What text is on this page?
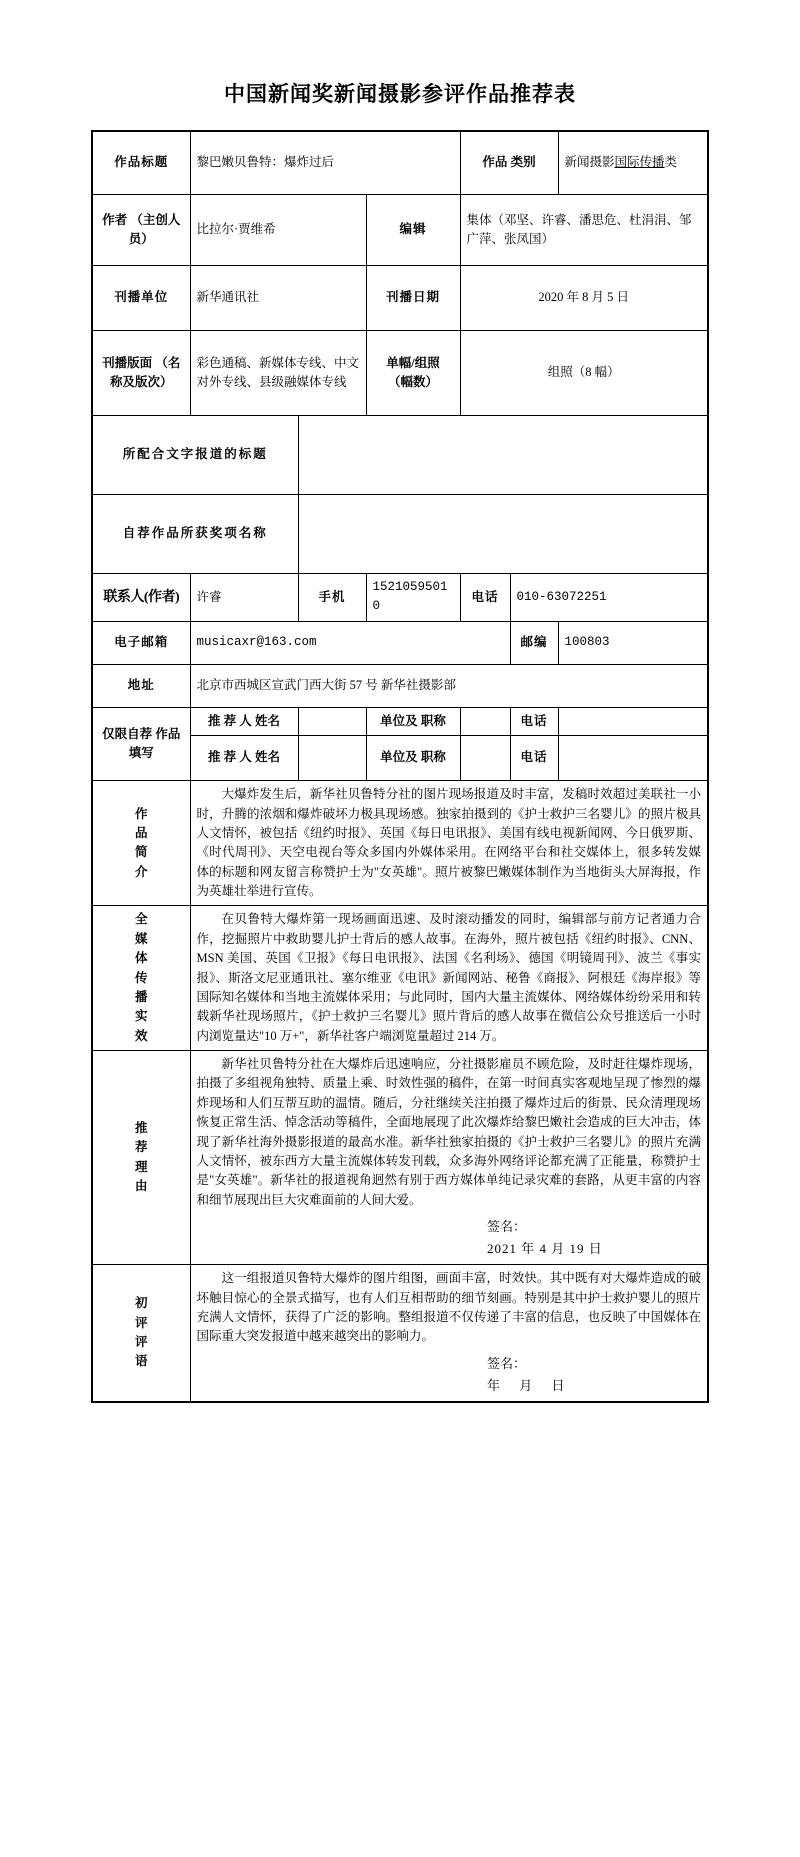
中国新闻奖新闻摄影参评作品推荐表
作品标题	黎巴嫩贝鲁特：爆炸过后			作品 类别		新闻摄影国际传播类
作者 （主创人员）	比拉尔·贾维希		编辑	集体（邓坚、许睿、潘思危、杜涓涓、邹广萍、张凤国）		
刊播单位	新华通讯社		刊播日期	2020 年 8 月 5 日		
刊播版面 （名称及版次）	彩色通稿、新媒体专线、中文对外专线、县级融媒体专线		单幅/组照 （幅数）	组照（8 幅）		
所配合文字报道的标题						
自荐作品所获奖项名称						
联系人(作者)	许睿	手机	15210595010	电话	010-63072251	
电子邮箱	musicaxr@163.com				邮编	100803
地址	北京市西城区宣武门西大街 57 号 新华社摄影部					
仅限自荐 作品填写	推 荐 人 姓名		单位及 职称		电话	
	推 荐 人 姓名		单位及 职称		电话	

作
品
简
介

大爆炸发生后，新华社贝鲁特分社的图片现场报道及时丰富，发稿时效超过美联社一小时，升腾的浓烟和爆炸破坏力极具现场感。独家拍摄到的《护士救护三名婴儿》的照片极具人文情怀，被包括《纽约时报》、英国《每日电讯报》、美国有线电视新闻网、今日俄罗斯、《时代周刊》、天空电视台等众多国内外媒体采用。在网络平台和社交媒体上，很多转发媒体的标题和网友留言称赞护士为"女英雄"。照片被黎巴嫩媒体制作为当地街头大屏海报，作为英雄壮举进行宣传。

全
媒
体
传
播
实
效

在贝鲁特大爆炸第一现场画面迅速、及时滚动播发的同时，编辑部与前方记者通力合作，挖掘照片中救助婴儿护士背后的感人故事。在海外，照片被包括《纽约时报》、CNN、MSN 美国、英国《卫报》《每日电讯报》、法国《名利场》、德国《明镜周刊》、波兰《事实报》、斯洛文尼亚通讯社、塞尔维亚《电讯》新闻网站、秘鲁《商报》、阿根廷《海岸报》等国际知名媒体和当地主流媒体采用；与此同时，国内大量主流媒体、网络媒体纷纷采用和转载新华社现场照片，《护士救护三名婴儿》照片背后的感人故事在微信公众号推送后一小时内浏览量达"10 万+"，新华社客户端浏览量超过 214 万。

推
荐
理
由

新华社贝鲁特分社在大爆炸后迅速响应，分社摄影雇员不顾危险，及时赶往爆炸现场，拍摄了多组视角独特、质量上乘、时效性强的稿件，在第一时间真实客观地呈现了惨烈的爆炸现场和人们互帮互助的温情。随后，分社继续关注拍摄了爆炸过后的街景、民众清理现场恢复正常生活、悼念活动等稿件，全面地展现了此次爆炸给黎巴嫩社会造成的巨大冲击，体现了新华社海外摄影报道的最高水准。新华社独家拍摄的《护士救护三名婴儿》的照片充满人文情怀，被东西方大量主流媒体转发刊载，众多海外网络评论都充满了正能量，称赞护士是"女英雄"。新华社的报道视角迥然有别于西方媒体单纯记录灾难的套路，从更丰富的内容和细节展现出巨大灾难面前的人间大爱。

签名：
2021 年 4 月 19 日

初
评
评
语

这一组报道贝鲁特大爆炸的图片组图，画面丰富，时效快。其中既有对大爆炸造成的破坏触目惊心的全景式描写，也有人们互相帮助的细节刻画。特别是其中护士救护婴儿的照片充满人文情怀，获得了广泛的影响。整组报道不仅传递了丰富的信息，也反映了中国媒体在国际重大突发报道中越来越突出的影响力。

签名：
年 月 日
